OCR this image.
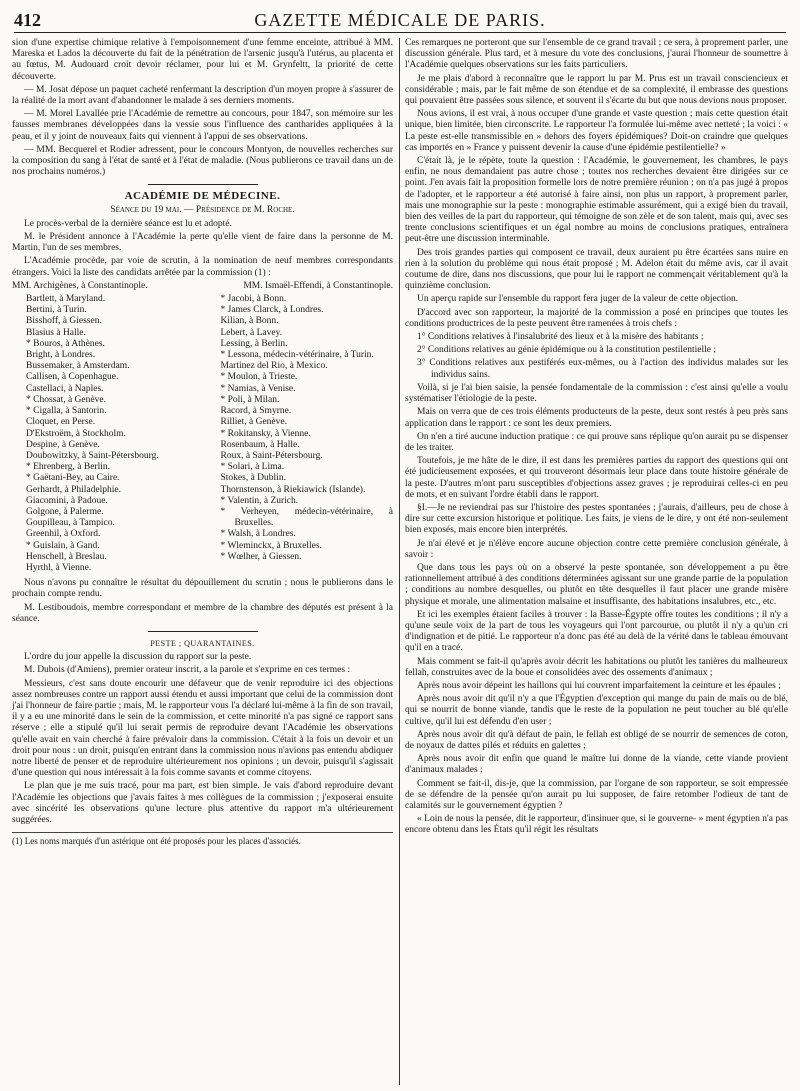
412	GAZETTE MÉDICALE DE PARIS.

sion d'une expertise chimique relative à l'empoisonnement d'une femme enceinte, attribué à MM. Mareska et Lados la découverte du fait de la pénétration de l'arsenic jusqu'à l'utérus, au placenta et au fœtus, M. Audouard croit devoir réclamer, pour lui et M. Grynfeltt, la priorité de cette découverte.

— M. Josat dépose un paquet cacheté renfermant la description d'un moyen propre à s'assurer de la réalité de la mort avant d'abandonner le malade à ses derniers moments.

— M. Morel Lavallée prie l'Académie de remettre au concours, pour 1847, son mémoire sur les fausses membranes développées dans la vessie sous l'influence des cantharides appliquées à la peau, et il y joint de nouveaux faits qui viennent à l'appui de ses observations.

— MM. Becquerel et Rodier adressent, pour le concours Montyon, de nouvelles recherches sur la composition du sang à l'état de santé et à l'état de maladie. (Nous publierons ce travail dans un de nos prochains numéros.)

ACADÉMIE DE MÉDECINE.
Séance du 19 mai. — Présidence de M. Roche.

Le procès-verbal de la dernière séance est lu et adopté.

M. le Président annonce à l'Académie la perte qu'elle vient de faire dans la personne de M. Martin, l'un de ses membres.

L'Académie procède, par voie de scrutin, à la nomination de neuf membres correspondants étrangers. Voici la liste des candidats arrêtée par la commission (1) :

MM. Archigènes, à Constantinople.	MM. Ismaël-Effendi, à Constantinople.
Bartlett, à Maryland.
Bertini, à Turin.
Bisshoff, à Giessen.
Blasius à Halle.
* Bouros, à Athènes.
Bright, à Londres.
Bussemaker, à Amsterdam.
Callisen, à Copenhague.
Castellaci, à Naples.
* Chossat, à Genève.
* Cigalla, à Santorin.
Cloquet, en Perse.
D'Ekstroëm, à Stockholm.
Despine, à Genève.
Doubowitzky, à Saint-Pétersbourg.
* Ehrenberg, à Berlin.
* Gaëtani-Bey, au Caire.
Gerhardt, à Philadelphie.
Giacomini, à Padoue.
Golgone, à Palerme.
Goupilleau, à Tampico.
Greenhil, à Oxford.
* Guislain, à Gand.
Henschell, à Breslau.
Hyrthl, à Vienne.
* Jacobi, à Bonn.
* James Clarck, à Londres.
Kilian, à Bonn.
Lebert, à Lavey.
Lessing, à Berlin.
* Lessona, médecin-vétérinaire, à Turin.
Martinez del Rio, à Mexico.
* Moulon, à Trieste.
* Namias, à Venise.
* Poli, à Milan.
Racord, à Smyrne.
Rilliet, à Genève.
* Rokitansky, à Vienne.
Rosenbaum, à Halle.
Roux, à Saint-Pétersbourg.
* Solari, à Lima.
Stokes, à Dublin.
Thornstenson, à Riekiawick (Islande).
* Valentin, à Zurich.
* Verheyen, médecin-vétérinaire, à Bruxelles.
* Walsh, à Londres.
* Wleminckx, à Bruxelles.
* Wœlher, à Giessen.

Nous n'avons pu connaître le résultat du dépouillement du scrutin ; nous le publierons dans le prochain compte rendu.

M. Lestiboudois, membre correspondant et membre de la chambre des députés est présent à la séance.

PESTE ; QUARANTAINES.

L'ordre du jour appelle la discussion du rapport sur la peste.

M. Dubois (d'Amiens), premier orateur inscrit, a la parole et s'exprime en ces termes :

Messieurs, c'est sans doute encourir une défaveur que de venir reproduire ici des objections assez nombreuses contre un rapport aussi étendu et aussi important que celui de la commission dont j'ai l'honneur de faire partie ; mais, M. le rapporteur vous l'a déclaré lui-même à la fin de son travail, il y a eu une minorité dans le sein de la commission, et cette minorité n'a pas signé ce rapport sans réserve ; elle a stipulé qu'il lui serait permis de reproduire devant l'Académie les observations qu'elle avait en vain cherché à faire prévaloir dans la commission. C'était à la fois un devoir et un droit pour nous : un droit, puisqu'en entrant dans la commission nous n'avions pas entendu abdiquer notre liberté de penser et de reproduire ultérieurement nos opinions ; un devoir, puisqu'il s'agissait d'une question qui nous intéressait à la fois comme savants et comme citoyens.

Le plan que je me suis tracé, pour ma part, est bien simple. Je vais d'abord reproduire devant l'Académie les objections que j'avais faites à mes collègues de la commission ; j'exposerai ensuite avec sincérité les observations qu'une lecture plus attentive du rapport m'a ultérieurement suggérées.

(1) Les noms marqués d'un astérique ont été proposés pour les places d'associés.

Ces remarques ne porteront que sur l'ensemble de ce grand travail ; ce sera, à proprement parler, une discussion générale. Plus tard, et à mesure du vote des conclusions, j'aurai l'honneur de soumettre à l'Académie quelques observations sur les faits particuliers.

Je me plais d'abord à reconnaître que le rapport lu par M. Prus est un travail consciencieux et considérable ; mais, par le fait même de son étendue et de sa complexité, il embrasse des questions qui pouvaient être passées sous silence, et souvent il s'écarte du but que nous devions nous proposer.

Nous avions, il est vrai, à nous occuper d'une grande et vaste question ; mais cette question était unique, bien limitée, bien circonscrite. Le rapporteur l'a formulée lui-même avec netteté ; la voici : « La peste est-elle transmissible en » dehors des foyers épidémiques? Doit-on craindre que quelques cas importés en » France y puissent devenir la cause d'une épidémie pestilentielle? »

C'était là, je le répète, toute la question : l'Académie, le gouvernement, les chambres, le pays enfin, ne nous demandaient pas autre chose ; toutes nos recherches devaient être dirigées sur ce point. J'en avais fait la proposition formelle lors de notre première réunion ; on n'a pas jugé à propos de l'adopter, et le rapporteur a été autorisé à faire ainsi, non plus un rapport, à proprement parler, mais une monographie sur la peste : monographie estimable assurément, qui a exigé bien du travail, bien des veilles de la part du rapporteur, qui témoigne de son zèle et de son talent, mais qui, avec ses trente conclusions scientifiques et un égal nombre au moins de conclusions pratiques, entraînera peut-être une discussion interminable.

Des trois grandes parties qui composent ce travail, deux auraient pu être écartées sans nuire en rien à la solution du problème qui nous était proposé ; M. Adelon était du même avis, car il avait coutume de dire, dans nos discussions, que pour lui le rapport ne commençait véritablement qu'à la quinzième conclusion.

Un aperçu rapide sur l'ensemble du rapport fera juger de la valeur de cette objection.

D'accord avec son rapporteur, la majorité de la commission a posé en principes que toutes les conditions productrices de la peste peuvent être ramenées à trois chefs :

1° Conditions relatives à l'insalubrité des lieux et à la misère des habitants ;

2° Conditions relatives au génie épidémique ou à la constitution pestilentielle ;

3° Conditions relatives aux pestiférés eux-mêmes, ou à l'action des individus malades sur les individus sains.

Voilà, si je l'ai bien saisie, la pensée fondamentale de la commission : c'est ainsi qu'elle a voulu systématiser l'étiologie de la peste.

Mais on verra que de ces trois éléments producteurs de la peste, deux sont restés à peu près sans application dans le rapport : ce sont les deux premiers.

On n'en a tiré aucune induction pratique : ce qui prouve sans réplique qu'on aurait pu se dispenser de les traiter.

Toutefois, je me hâte de le dire, il est dans les premières parties du rapport des questions qui ont été judicieusement exposées, et qui trouveront désormais leur place dans toute histoire générale de la peste. D'autres m'ont paru susceptibles d'objections assez graves ; je reproduirai celles-ci en peu de mots, et en suivant l'ordre établi dans le rapport.

§I.—Je ne reviendrai pas sur l'histoire des pestes spontanées ; j'aurais, d'ailleurs, peu de chose à dire sur cette excursion historique et politique. Les faits, je viens de le dire, y ont été non-seulement bien exposés, mais encore bien interprétés.

Je n'ai élevé et je n'élève encore aucune objection contre cette première conclusion générale, à savoir :

Que dans tous les pays où on a observé la peste spontanée, son développement a pu être rationnellement attribué à des conditions déterminées agissant sur une grande partie de la population ; conditions au nombre desquelles, ou plutôt en tête desquelles il faut placer une grande misère physique et morale, une alimentation malsaine et insuffisante, des habitations insalubres, etc., etc.

Et ici les exemples étaient faciles à trouver : la Basse-Égypte offre toutes les conditions ; il n'y a qu'une seule voix de la part de tous les voyageurs qui l'ont parcourue, ou plutôt il n'y a qu'un cri d'indignation et de pitié. Le rapporteur n'a donc pas été au delà de la vérité dans le tableau émouvant qu'il en a tracé.

Mais comment se fait-il qu'après avoir décrit les habitations ou plutôt les tanières du malheureux fellah, construites avec de la boue et consolidées avec des ossements d'animaux ;

Après nous avoir dépeint les haillons qui lui couvrent imparfaitement la ceinture et les épaules ;

Après nous avoir dit qu'il n'y a que l'Égyptien d'exception qui mange du pain de maïs ou de blé, qui se nourrit de bonne viande, tandis que le reste de la population ne peut toucher au blé qu'elle cultive, qu'il lui est défendu d'en user ;

Après nous avoir dit qu'à défaut de pain, le fellah est obligé de se nourrir de semences de coton, de noyaux de dattes pilés et réduits en galettes ;

Après nous avoir dit enfin que quand le maître lui donne de la viande, cette viande provient d'animaux malades ;

Comment se fait-il, dis-je, que la commission, par l'organe de son rapporteur, se soit empressée de se défendre de la pensée qu'on aurait pu lui supposer, de faire retomber l'odieux de tant de calamités sur le gouvernement égyptien ?

« Loin de nous la pensée, dit le rapporteur, d'insinuer que, si le gouverne- » ment égyptien n'a pas encore obtenu dans les États qu'il régit les résultats
